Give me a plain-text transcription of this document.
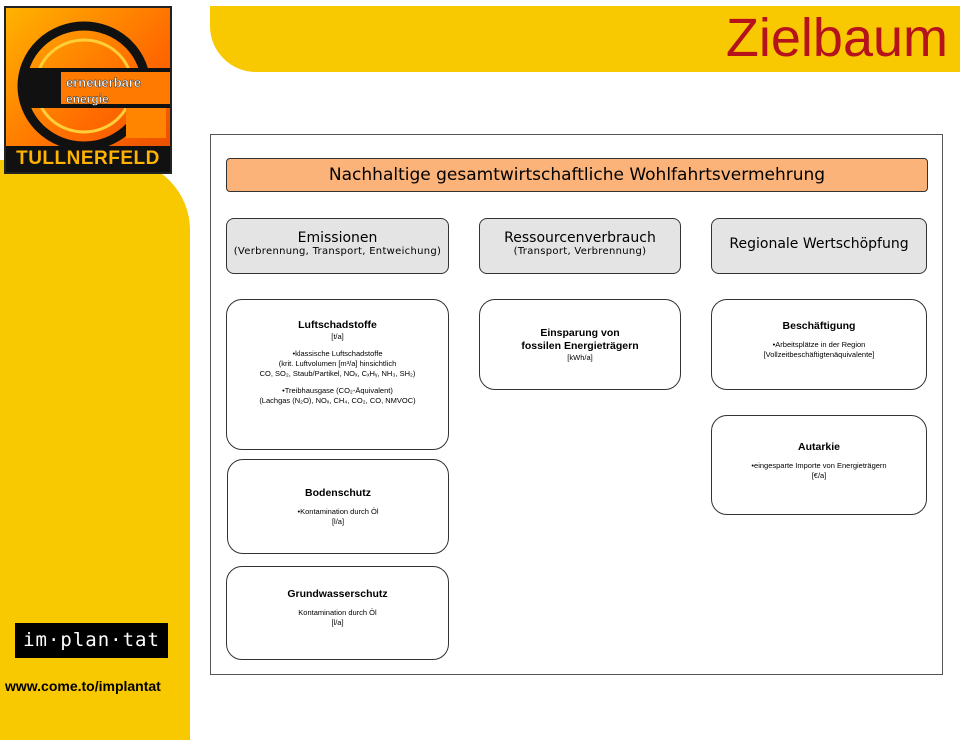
Zielbaum
erneuerbare
energie
TULLNERFELD
im·plan·tat
www.come.to/implantat
Nachhaltige gesamtwirtschaftliche Wohlfahrtsvermehrung
Emissionen
(Verbrennung, Transport, Entweichung)
Ressourcenverbrauch
(Transport, Verbrennung)	Regionale Wertschöpfung
Luftschadstoffe
[t/a]
•klassische Luftschadstoffe
(krit. Luftvolumen [m³/a] hinsichtlich
CO, SO₂, Staub/Partikel, NOₓ, CₓHᵧ, NH₃, SH₂)
•Treibhausgase (CO₂-Äquivalent)
(Lachgas (N₂O), NOₓ, CH₄, CO₂, CO, NMVOC)
Bodenschutz
•Kontamination durch Öl
[l/a]
Grundwasserschutz
Kontamination durch Öl
[l/a]
Einsparung von
fossilen Energieträgern
[kWh/a]
Beschäftigung
•Arbeitsplätze in der Region
[Vollzeitbeschäftigtenäquivalente]
Autarkie
•eingesparte Importe von Energieträgern
[€/a]
